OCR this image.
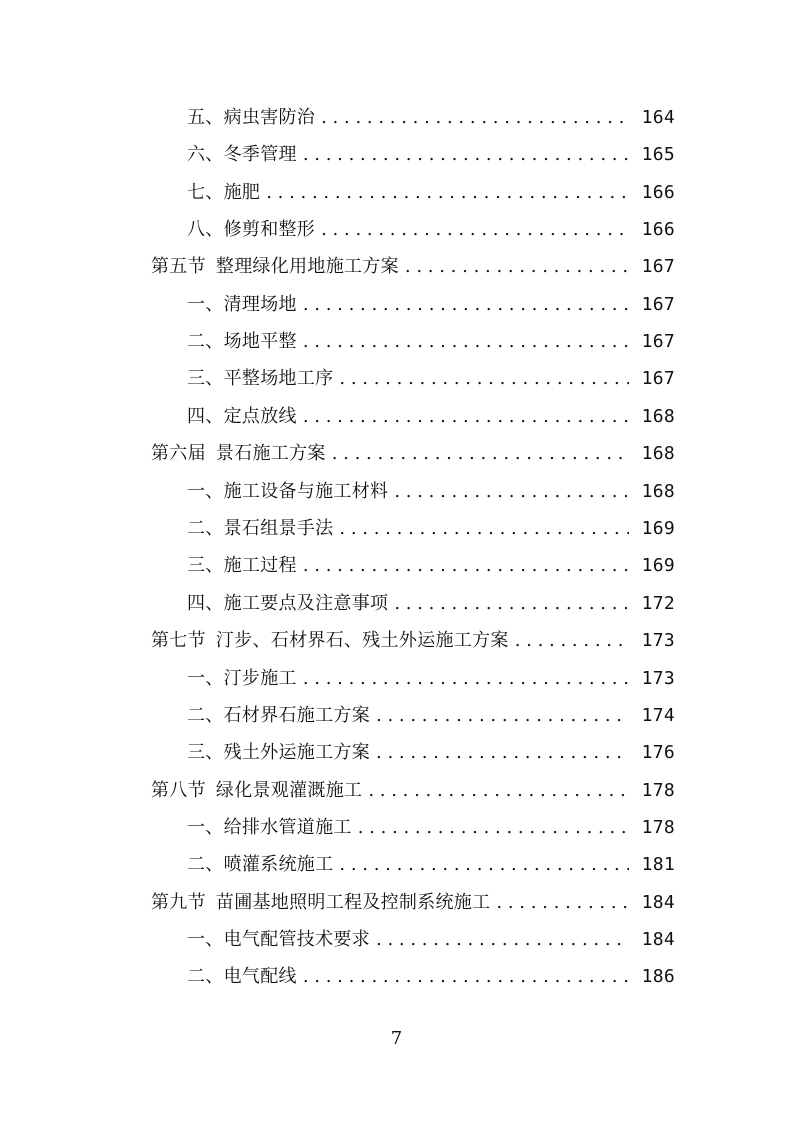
五、病虫害防治 . . .	164
六、冬季管理 . . .	165
七、施肥 . . .	166
八、修剪和整形 . . .	166
第五节 整理绿化用地施工方案 . . .	167
一、清理场地 . . .	167
二、场地平整 . . .	167
三、平整场地工序 . . .	167
四、定点放线 . . .	168
第六届 景石施工方案 . . .	168
一、施工设备与施工材料 . . .	168
二、景石组景手法 . . .	169
三、施工过程 . . .	169
四、施工要点及注意事项 . . .	172
第七节 汀步、石材界石、残土外运施工方案 . . .	173
一、汀步施工 . . .	173
二、石材界石施工方案 . . .	174
三、残土外运施工方案 . . .	176
第八节 绿化景观灌溉施工 . . .	178
一、给排水管道施工 . . .	178
二、喷灌系统施工 . . .	181
第九节 苗圃基地照明工程及控制系统施工 . . .	184
一、电气配管技术要求 . . .	184
二、电气配线 . . .	186
7
